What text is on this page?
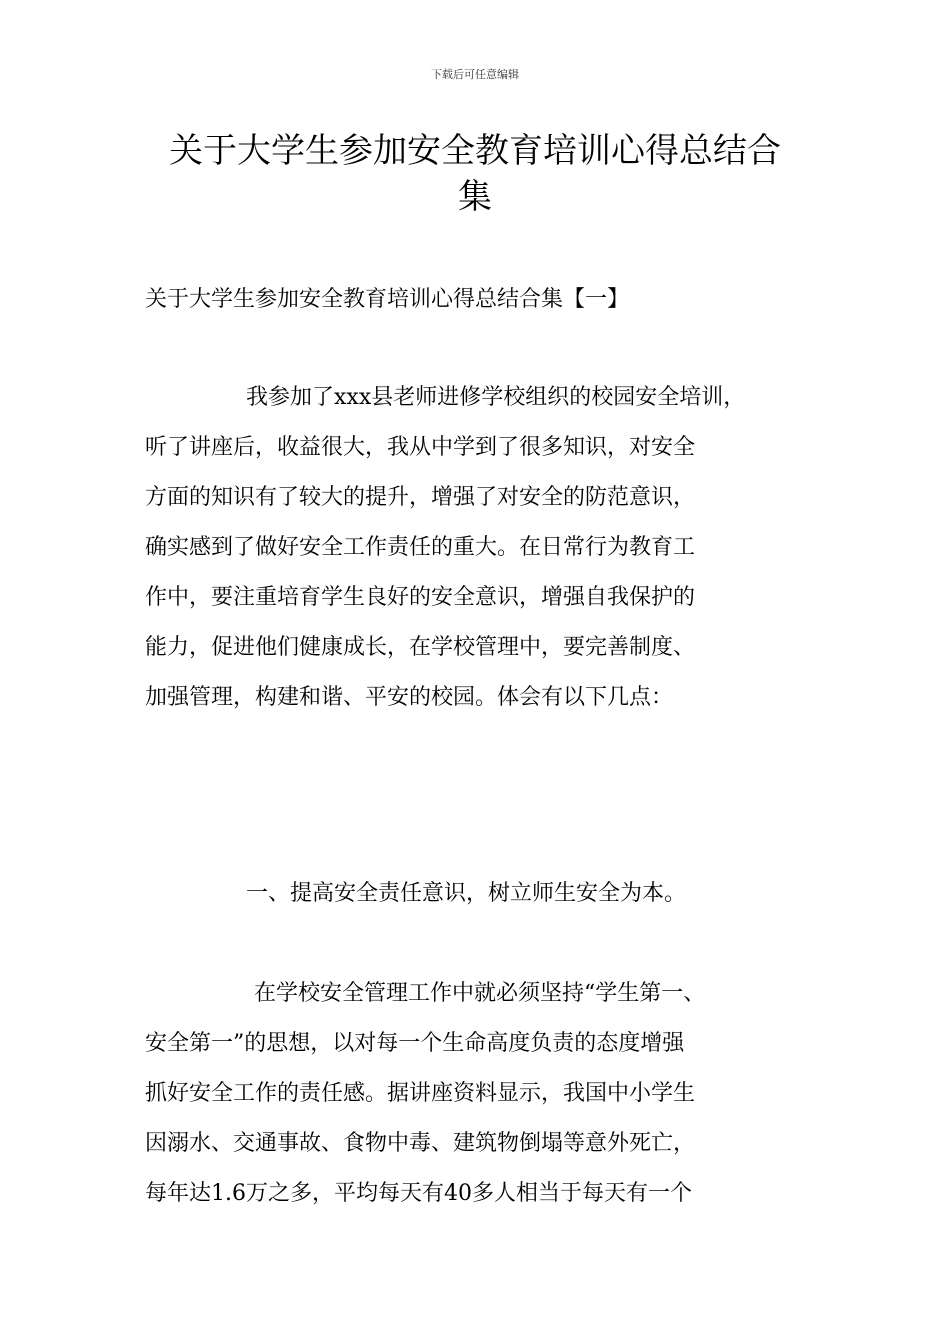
下载后可任意编辑
关于大学生参加安全教育培训心得总结合
集

关于大学生参加安全教育培训心得总结合集【一】

我参加了xxx县老师进修学校组织的校园安全培训，

听了讲座后，收益很大，我从中学到了很多知识，对安全

方面的知识有了较大的提升，增强了对安全的防范意识，

确实感到了做好安全工作责任的重大。在日常行为教育工

作中，要注重培育学生良好的安全意识，增强自我保护的

能力，促进他们健康成长，在学校管理中，要完善制度、

加强管理，构建和谐、平安的校园。体会有以下几点：

一、提高安全责任意识，树立师生安全为本。

在学校安全管理工作中就必须坚持“学生第一、

安全第一”的思想，以对每一个生命高度负责的态度增强

抓好安全工作的责任感。据讲座资料显示，我国中小学生

因溺水、交通事故、食物中毒、建筑物倒塌等意外死亡，

每年达1.6万之多，平均每天有40多人相当于每天有一个
